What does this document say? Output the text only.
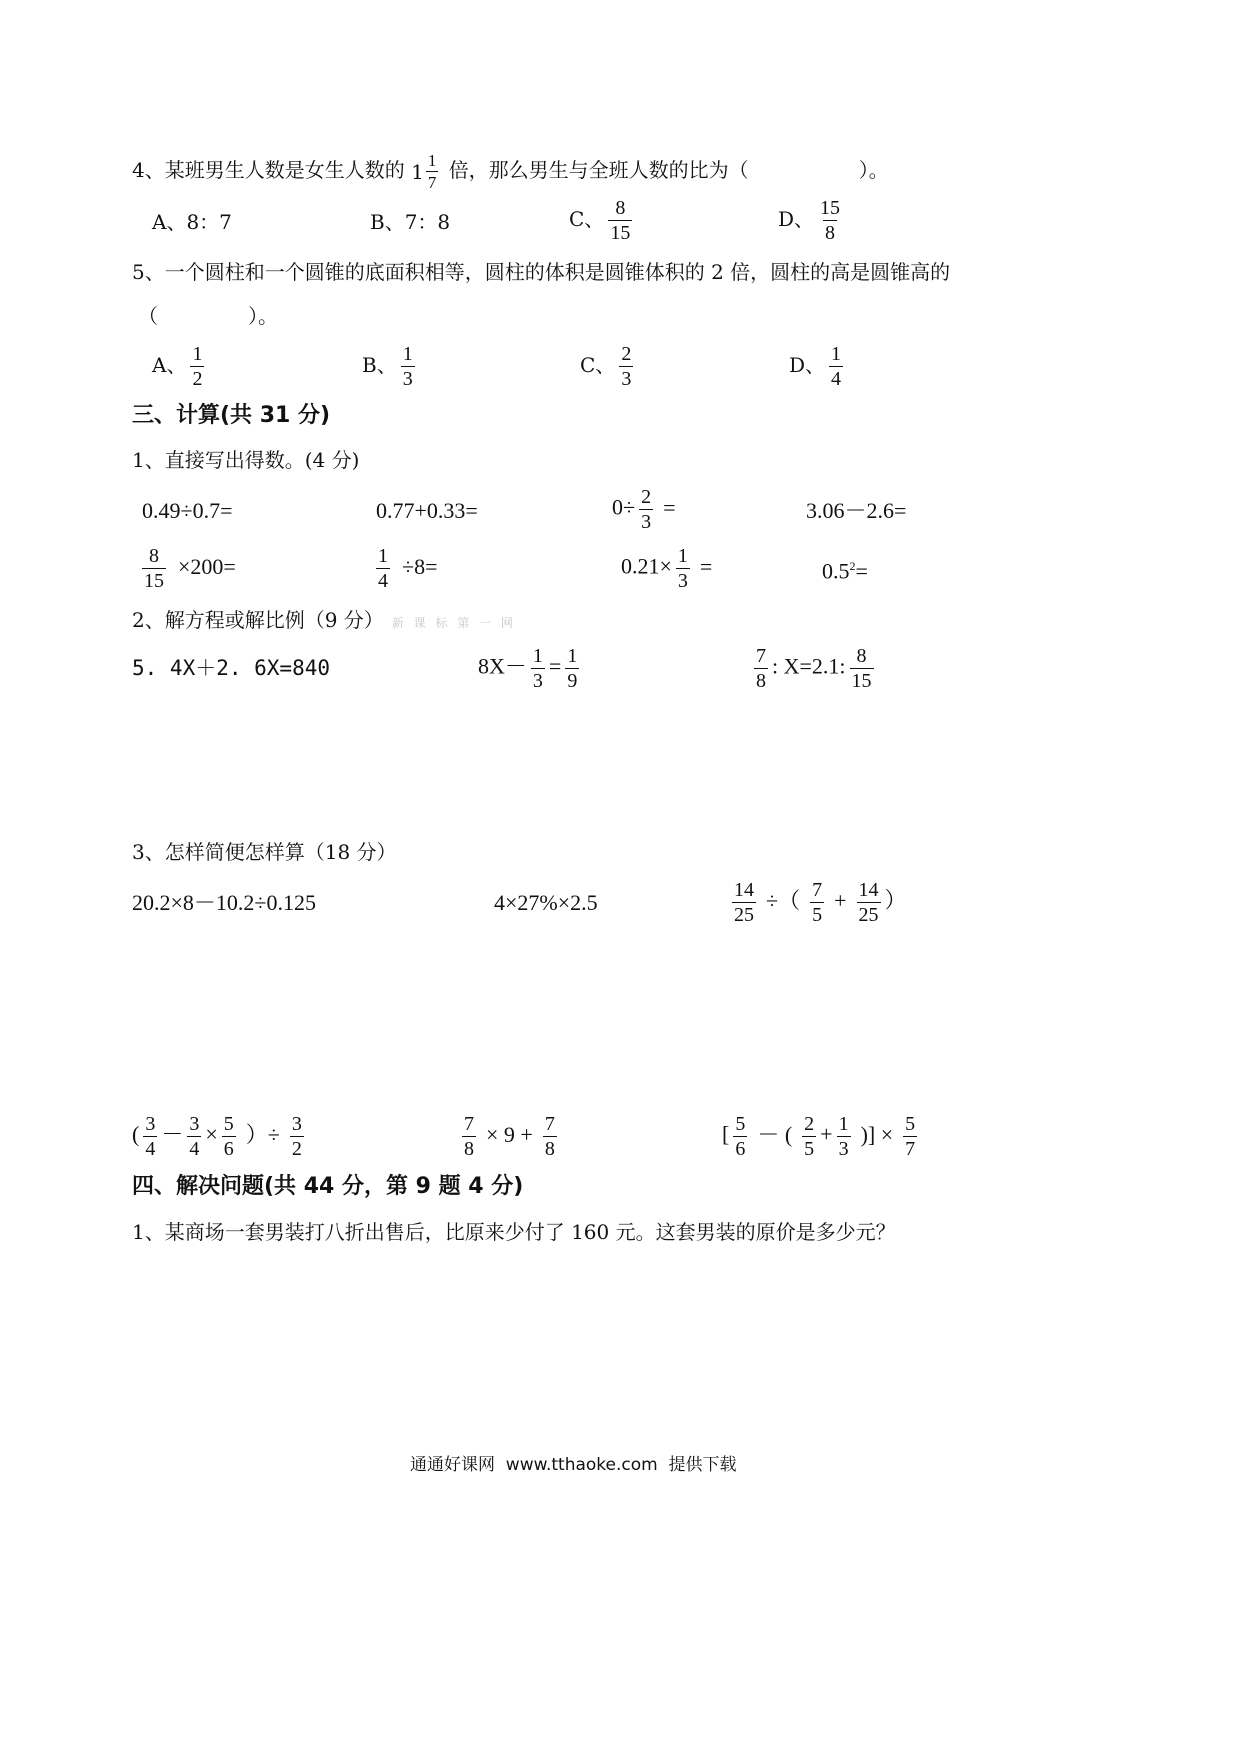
4、某班男生人数是女生人数的 $1 \frac{1}{7}$ 倍，那么男生与全班人数的比为（	）。
A、8：7	B、7：8	C、 $\frac{8}{15}$	D、 $\frac{15}{8}$
5、一个圆柱和一个圆锥的底面积相等，圆柱的体积是圆锥体积的 2 倍，圆柱的高是圆锥高的
（	）。
A、 $\frac{1}{2}$	B、 $\frac{1}{3}$	C、 $\frac{2}{3}$	D、 $\frac{1}{4}$
三、计算(共 31 分)
1、直接写出得数。(4 分)
0.49÷0.7=	0.77+0.33=	$0\div \frac{2}{3}$ =	3.06－2.6=
$\frac{8}{15} \times 200=$	$\frac{1}{4} \div 8=$	$0.21\times \frac{1}{3}$ =	$0.5^2=$
2、解方程或解比例（9 分） 新 课 标 第 一 网
5. 4X＋2. 6X=840	$8X- \frac{1}{3} = \frac{1}{9}$	$\frac{7}{8}$ : X=2.1: $\frac{8}{15}$
3、怎样简便怎样算（18 分）
20.2×8－10.2÷0.125	4×27%×2.5	$\frac{14}{25}$ ÷（ $\frac{7}{5} + \frac{14}{25}$ ）
( $\frac{3}{4} - \frac{3}{4} \times \frac{5}{6}$ ）÷ $\frac{3}{2}$	$\frac{7}{8} \times 9 + \frac{7}{8}$	[ $\frac{5}{6}$ － ( $\frac{2}{5} + \frac{1}{3}$ )] × $\frac{5}{7}$
四、解决问题(共 44 分，第 9 题 4 分)
1、某商场一套男装打八折出售后，比原来少付了 160 元。这套男装的原价是多少元？
通通好课网  www.tthaoke.com  提供下载
